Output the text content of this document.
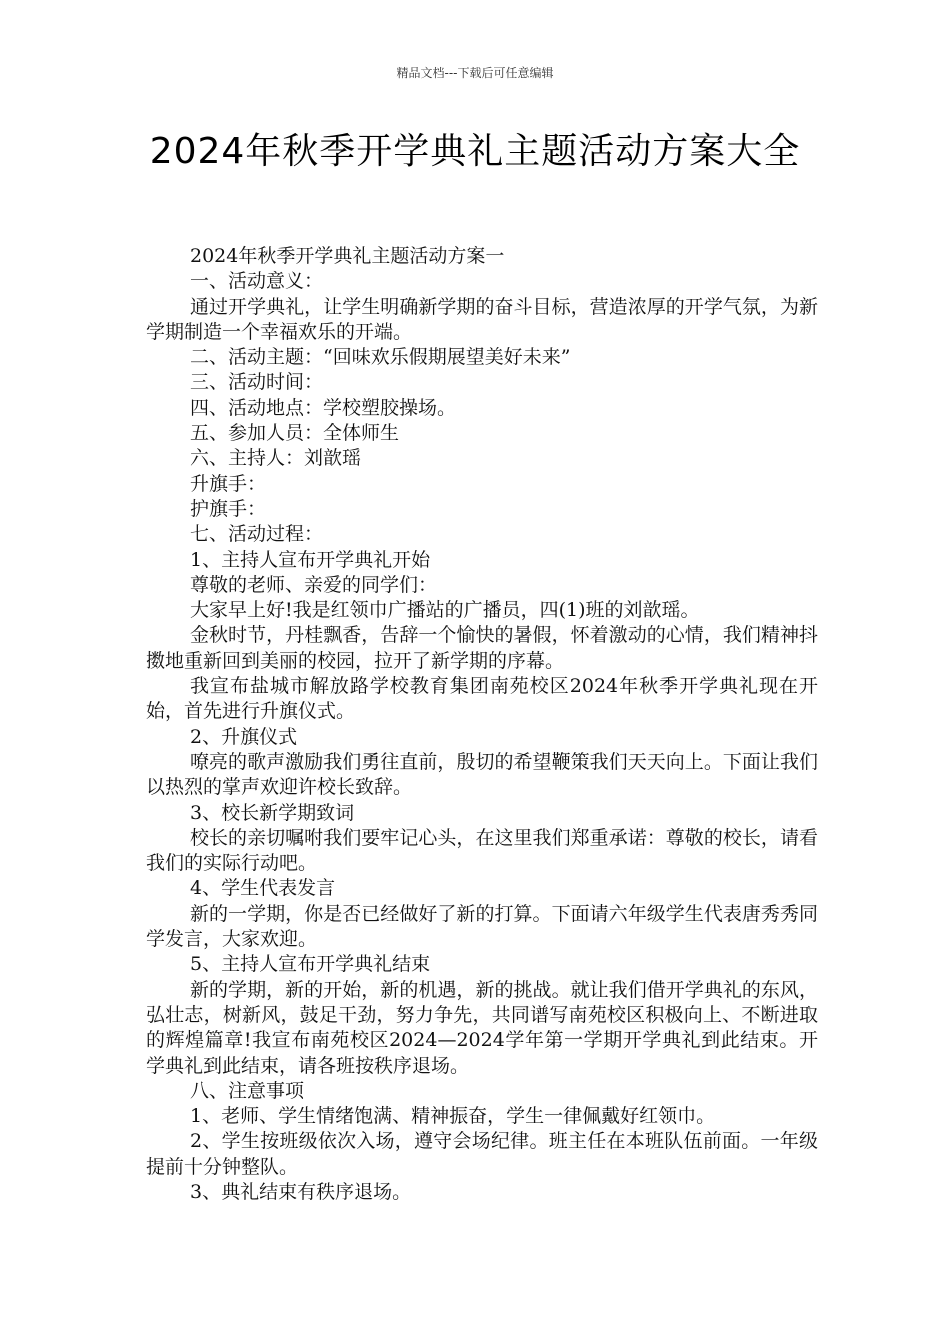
精品文档---下载后可任意编辑
2024年秋季开学典礼主题活动方案大全

2024年秋季开学典礼主题活动方案一

一、活动意义：

通过开学典礼，让学生明确新学期的奋斗目标，营造浓厚的开学气氛，为新学期制造一个幸福欢乐的开端。

二、活动主题：“回味欢乐假期展望美好未来”

三、活动时间：

四、活动地点：学校塑胶操场。

五、参加人员：全体师生

六、主持人：刘歆瑶

升旗手：

护旗手：

七、活动过程：

1、主持人宣布开学典礼开始

尊敬的老师、亲爱的同学们：

大家早上好!我是红领巾广播站的广播员，四(1)班的刘歆瑶。

金秋时节，丹桂飘香，告辞一个愉快的暑假，怀着激动的心情，我们精神抖擞地重新回到美丽的校园，拉开了新学期的序幕。

我宣布盐城市解放路学校教育集团南苑校区2024年秋季开学典礼现在开始，首先进行升旗仪式。

2、升旗仪式

嘹亮的歌声激励我们勇往直前，殷切的希望鞭策我们天天向上。下面让我们以热烈的掌声欢迎许校长致辞。

3、校长新学期致词

校长的亲切嘱咐我们要牢记心头，在这里我们郑重承诺：尊敬的校长，请看我们的实际行动吧。

4、学生代表发言

新的一学期，你是否已经做好了新的打算。下面请六年级学生代表唐秀秀同学发言，大家欢迎。

5、主持人宣布开学典礼结束

新的学期，新的开始，新的机遇，新的挑战。就让我们借开学典礼的东风，弘壮志，树新风，鼓足干劲，努力争先，共同谱写南苑校区积极向上、不断进取的辉煌篇章!我宣布南苑校区2024—2024学年第一学期开学典礼到此结束。开学典礼到此结束，请各班按秩序退场。

八、注意事项

1、老师、学生情绪饱满、精神振奋，学生一律佩戴好红领巾。

2、学生按班级依次入场，遵守会场纪律。班主任在本班队伍前面。一年级提前十分钟整队。

3、典礼结束有秩序退场。
